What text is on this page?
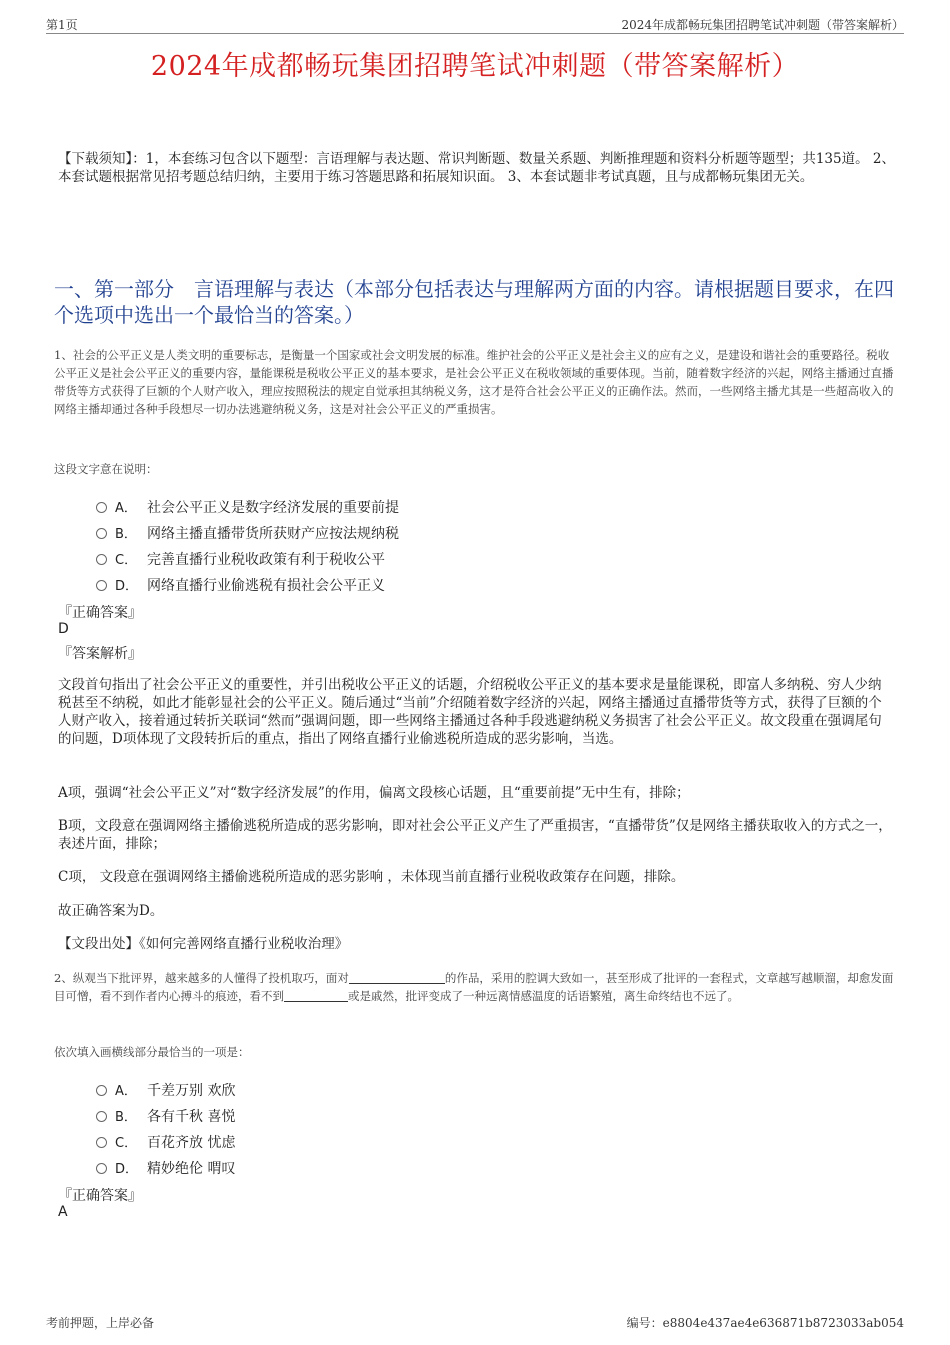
第1页	2024年成都畅玩集团招聘笔试冲刺题（带答案解析）
2024年成都畅玩集团招聘笔试冲刺题（带答案解析）
【下载须知】：1，本套练习包含以下题型：言语理解与表达题、常识判断题、数量关系题、判断推理题和资料分析题等题型；共135道。 2、本套试题根据常见招考题总结归纳，主要用于练习答题思路和拓展知识面。 3、本套试题非考试真题，且与成都畅玩集团无关。
一、第一部分　言语理解与表达（本部分包括表达与理解两方面的内容。请根据题目要求，在四个选项中选出一个最恰当的答案。）
1、社会的公平正义是人类文明的重要标志，是衡量一个国家或社会文明发展的标准。维护社会的公平正义是社会主义的应有之义，是建设和谐社会的重要路径。税收公平正义是社会公平正义的重要内容，量能课税是税收公平正义的基本要求，是社会公平正义在税收领域的重要体现。当前，随着数字经济的兴起，网络主播通过直播带货等方式获得了巨额的个人财产收入，理应按照税法的规定自觉承担其纳税义务，这才是符合社会公平正义的正确作法。然而，一些网络主播尤其是一些超高收入的网络主播却通过各种手段想尽一切办法逃避纳税义务，这是对社会公平正义的严重损害。
这段文字意在说明：
A． 社会公平正义是数字经济发展的重要前提
B． 网络主播直播带货所获财产应按法规纳税
C． 完善直播行业税收政策有利于税收公平
D． 网络直播行业偷逃税有损社会公平正义
『正确答案』
D
『答案解析』
文段首句指出了社会公平正义的重要性，并引出税收公平正义的话题，介绍税收公平正义的基本要求是量能课税，即富人多纳税、穷人少纳税甚至不纳税，如此才能彰显社会的公平正义。随后通过“当前”介绍随着数字经济的兴起，网络主播通过直播带货等方式，获得了巨额的个人财产收入，接着通过转折关联词“然而”强调问题，即一些网络主播通过各种手段逃避纳税义务损害了社会公平正义。故文段重在强调尾句的问题，D项体现了文段转折后的重点，指出了网络直播行业偷逃税所造成的恶劣影响，当选。
A项，强调“社会公平正义”对“数字经济发展”的作用，偏离文段核心话题，且“重要前提”无中生有，排除；
B项，文段意在强调网络主播偷逃税所造成的恶劣影响，即对社会公平正义产生了严重损害，“直播带货”仅是网络主播获取收入的方式之一，表述片面，排除；
C项， 文段意在强调网络主播偷逃税所造成的恶劣影响 ，未体现当前直播行业税收政策存在问题，排除。
故正确答案为D。
【文段出处】《如何完善网络直播行业税收治理》
2、纵观当下批评界，越来越多的人懂得了投机取巧，面对	的作品，采用的腔调大致如一，甚至形成了批评的一套程式，文章越写越顺溜，却愈发面目可憎，看不到作者内心搏斗的痕迹，看不到	或是戚然，批评变成了一种远离情感温度的话语繁殖，离生命终结也不远了。
依次填入画横线部分最恰当的一项是：
A． 千差万别 欢欣
B． 各有千秋 喜悦
C． 百花齐放 忧虑
D． 精妙绝伦 喟叹
『正确答案』
A
考前押题，上岸必备	编号：e8804e437ae4e636871b8723033ab054
